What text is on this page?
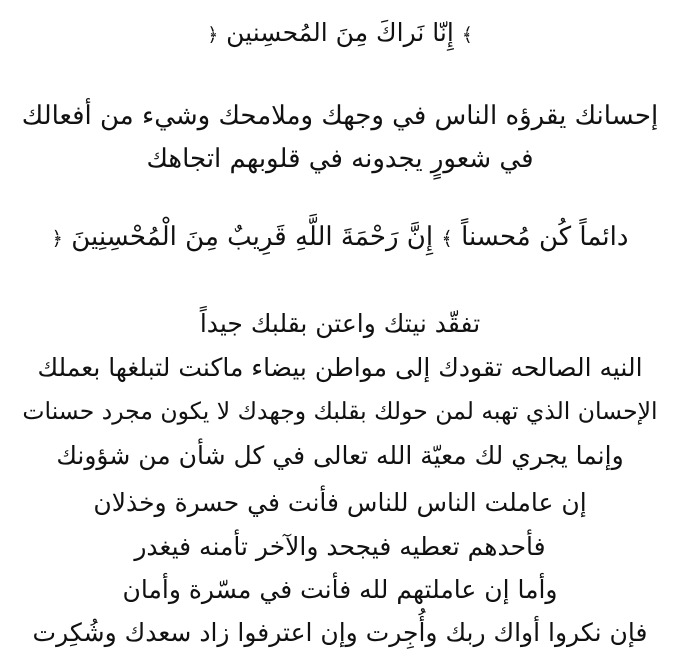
﴾ إِنّا نَراكَ مِنَ المُحسِنين ﴿
إحسانك يقرؤه الناس في وجهك وملامحك وشيء من أفعالك
في شعورٍ يجدونه في قلوبهم اتجاهك
دائماً كُن مُحسناً ﴾ إِنَّ رَحْمَةَ اللَّهِ قَرِيبٌ مِنَ الْمُحْسِنِينَ ﴿
تفقّد نيتك واعتن بقلبك جيداً
النيه الصالحه تقودك إلى مواطن بيضاء ماكنت لتبلغها بعملك
الإحسان الذي تهبه لمن حولك بقلبك وجهدك لا يكون مجرد حسنات
وإنما يجري لك معيّة الله تعالى في كل شأن من شؤونك
إن عاملت الناس للناس فأنت في حسرة وخذلان
فأحدهم تعطيه فيجحد والآخر تأمنه فيغدر
وأما إن عاملتهم لله فأنت في مسّرة وأمان
فإن نكروا أواك ربك وأُجِرت وإن اعترفوا زاد سعدك وشُكِرت
